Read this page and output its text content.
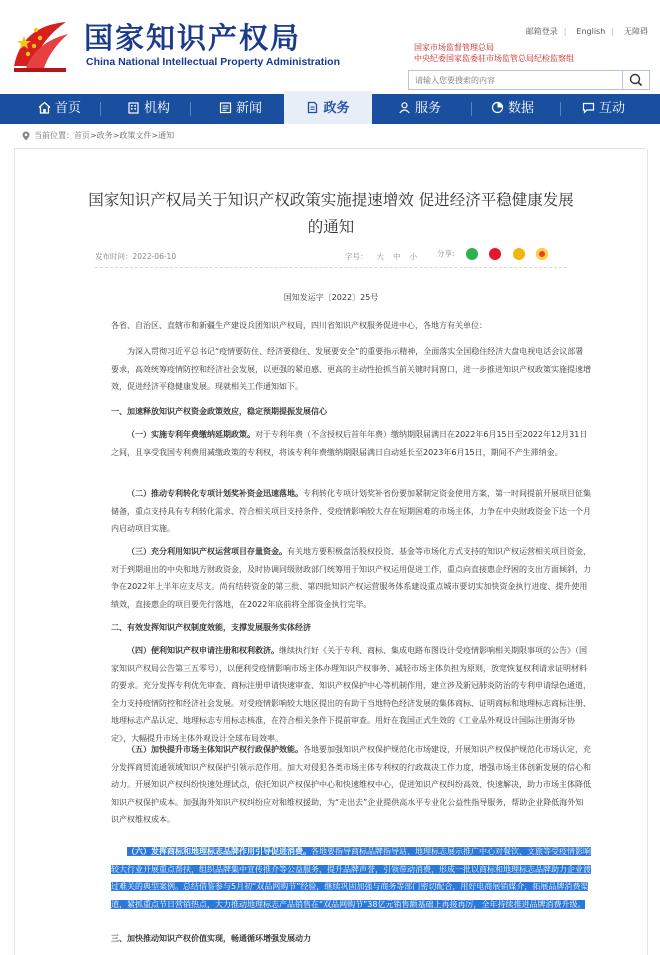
国家知识产权局
China National Intellectual Property Administration
邮箱登录 | English | 无障碍
国家市场监督管理总局
中央纪委国家监委驻市场监管总局纪检监察组
请输入您要搜索的内容
首页	机构	新闻	政务	服务	数据	互动
当前位置：首页>政务>政策文件>通知
国家知识产权局关于知识产权政策实施提速增效 促进经济平稳健康发展
的通知
发布时间：2022-06-10	字号： 大 中 小	分享:
国知发运字〔2022〕25号

各省、自治区、直辖市和新疆生产建设兵团知识产权局，四川省知识产权服务促进中心，各地方有关单位：

为深入贯彻习近平总书记“疫情要防住、经济要稳住、发展要安全”的重要指示精神，全面落实全国稳住经济大盘电视电话会议部署要求，高效统筹疫情防控和经济社会发展，以更强的紧迫感、更高的主动性抢抓当前关键时间窗口，进一步推进知识产权政策实施提速增效，促进经济平稳健康发展。现就相关工作通知如下。

一、加速释放知识产权资金政策效应，稳定预期提振发展信心

（一）实施专利年费缴纳延期政策。对于专利年费（不含授权后首年年费）缴纳期限届满日在2022年6月15日至2022年12月31日之间，且享受我国专利费用减缴政策的专利权，将该专利年费缴纳期限届满日自动延长至2023年6月15日，期间不产生滞纳金。

（二）推动专利转化专项计划奖补资金迅速落地。专利转化专项计划奖补省份要加紧制定资金使用方案，第一时间提前开展项目征集储备，重点支持具有专利转化需求、符合相关项目支持条件、受疫情影响较大存在短期困难的市场主体，力争在中央财政资金下达一个月内启动项目实施。

（三）充分利用知识产权运营项目存量资金。有关地方要积极盘活股权投资、基金等市场化方式支持的知识产权运营相关项目资金，对于到期退出的中央和地方财政资金，及时协调同级财政部门统筹用于知识产权运用促进工作，重点向直接惠企纾困的支出方面倾斜，力争在2022年上半年应支尽支。尚有结转资金的第三批、第四批知识产权运营服务体系建设重点城市要切实加快资金执行进度、提升使用绩效，直接惠企的项目要先行落地，在2022年底前将全部资金执行完毕。

二、有效发挥知识产权制度效能，支撑发展服务实体经济

（四）便利知识产权申请注册和权利救济。继续执行好《关于专利、商标、集成电路布图设计受疫情影响相关期限事项的公告》（国家知识产权局公告第三五零号），以便利受疫情影响市场主体办理知识产权事务、减轻市场主体负担为原则，放宽恢复权利请求证明材料的要求。充分发挥专利优先审查、商标注册申请快速审查、知识产权保护中心等机制作用，建立涉及新冠肺炎防治的专利申请绿色通道，全力支持疫情防控和经济社会发展。对受疫情影响较大地区提出的有助于当地特色经济发展的集体商标、证明商标和地理标志商标注册、地理标志产品认定、地理标志专用标志核准，在符合相关条件下提前审查。用好在我国正式生效的《工业品外观设计国际注册海牙协定》，大幅提升市场主体外观设计全球布局效率。

（五）加快提升市场主体知识产权行政保护效能。各地要加强知识产权保护规范化市场建设，开展知识产权保护规范化市场认定，充分发挥商贸流通领域知识产权保护引领示范作用。加大对侵犯各类市场主体专利权的行政裁决工作力度，增强市场主体创新发展的信心和动力。开展知识产权纠纷快速处理试点，依托知识产权保护中心和快速维权中心，促进知识产权纠纷高效、快速解决，助力市场主体降低知识产权保护成本。加强海外知识产权纠纷应对和维权援助，为“走出去”企业提供高水平专业化公益性指导服务，帮助企业降低海外知识产权维权成本。

（六）发挥商标和地理标志品牌作用引导促进消费。各地要指导商标品牌指导站、地理标志展示推广中心对餐饮、文旅等受疫情影响较大行业开展重点帮扶，组织品牌集中宣传推介等公益服务，提升品牌声誉，引领带动消费，形成一批以商标和地理标志品牌助力企业渡过难关的典型案例。总结借鉴参与5月初“双品网购节”经验，继续巩固加强与商务等部门密切配合，用好电商展销媒介，拓展品牌消费渠道，紧抓重点节日营销热点，大力推动地理标志产品销售在“双品网购节”38亿元销售额基础上再接再厉，全年持续推进品牌消费升级。

三、加快推动知识产权价值实现，畅通循环增强发展动力
